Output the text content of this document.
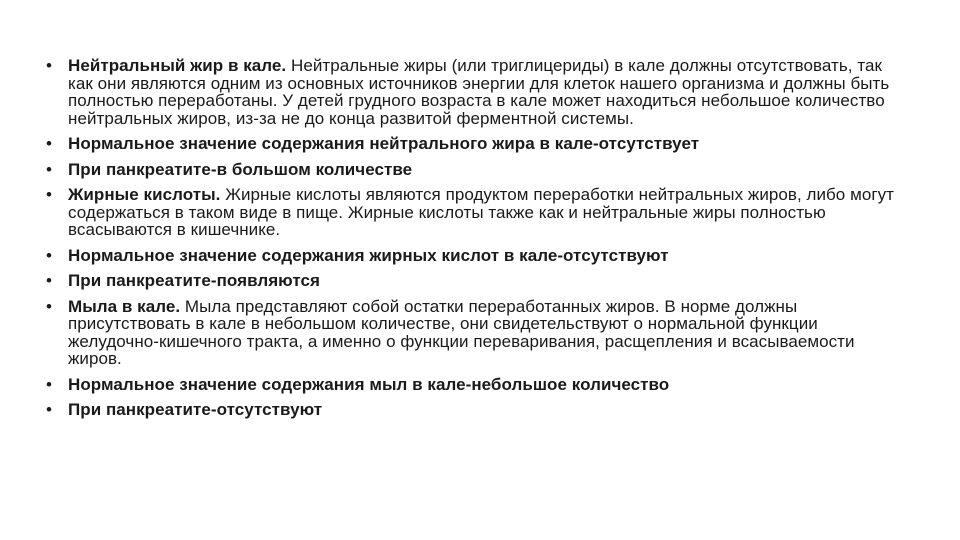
• Нейтральный жир в кале. Нейтральные жиры (или триглицериды) в кале должны отсутствовать, так как они являются одним из основных источников энергии для клеток нашего организма и должны быть полностью переработаны. У детей грудного возраста в кале может находиться небольшое количество нейтральных жиров, из-за не до конца развитой ферментной системы.
• Нормальное значение содержания нейтрального жира в кале-отсутствует
• При панкреатите-в большом количестве
• Жирные кислоты. Жирные кислоты являются продуктом переработки нейтральных жиров, либо могут содержаться в таком виде в пище. Жирные кислоты также как и нейтральные жиры полностью всасываются в кишечнике.
• Нормальное значение содержания жирных кислот в кале-отсутствуют
• При панкреатите-появляются
• Мыла в кале. Мыла представляют собой остатки переработанных жиров. В норме должны присутствовать в кале в небольшом количестве, они свидетельствуют о нормальной функции желудочно-кишечного тракта, а именно о функции переваривания, расщепления и всасываемости жиров.
• Нормальное значение содержания мыл в кале-небольшое количество
• При панкреатите-отсутствуют
